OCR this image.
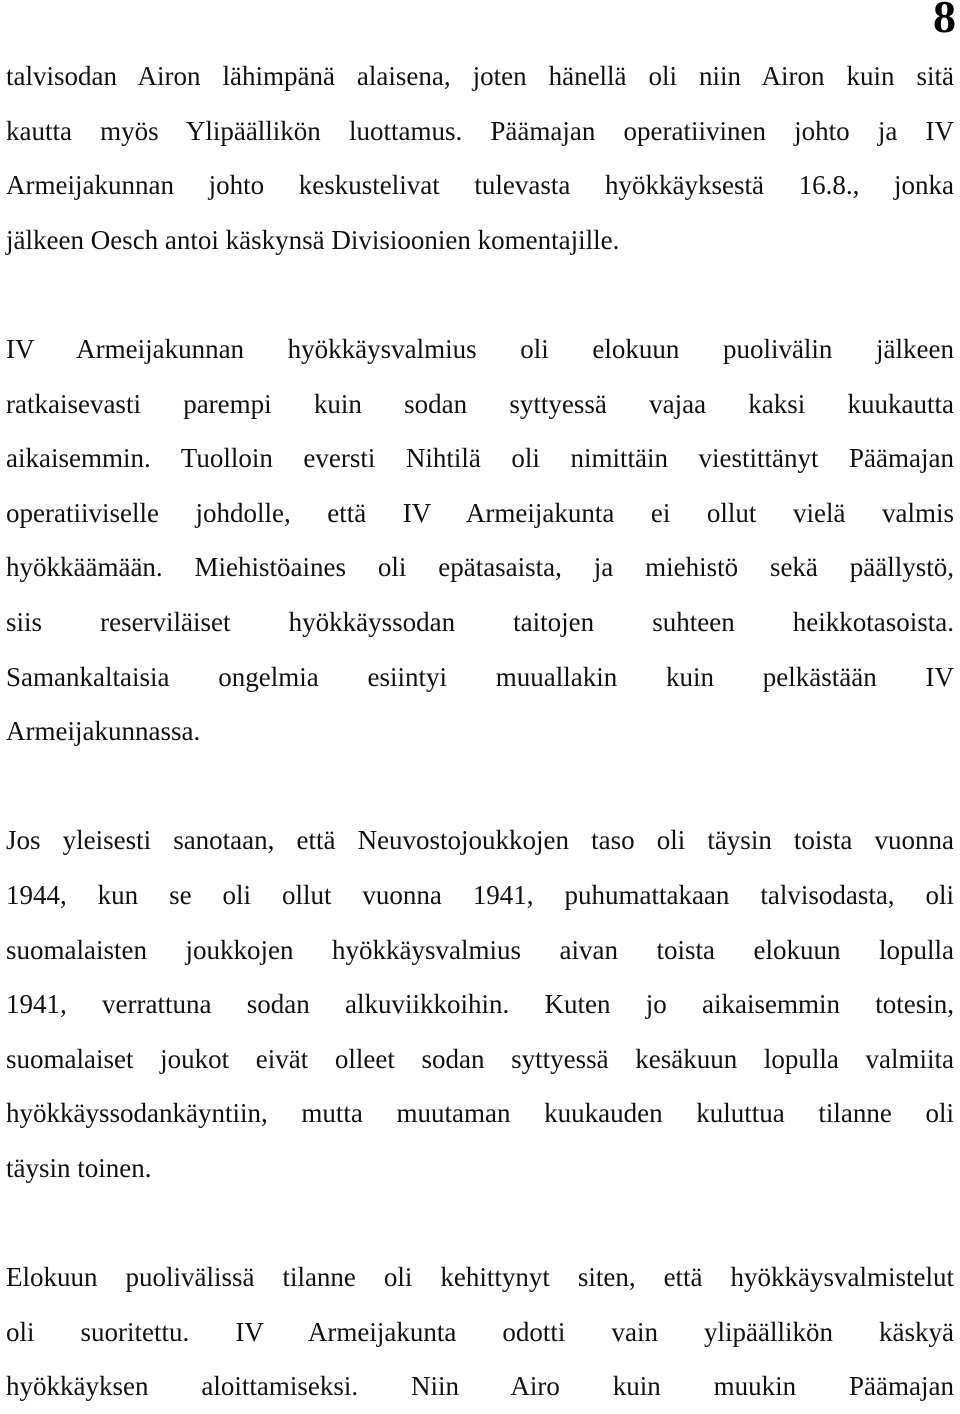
8

talvisodan Airon lähimpänä alaisena, joten hänellä oli niin Airon kuin sitä
kautta myös Ylipäällikön luottamus. Päämajan operatiivinen johto ja IV
Armeijakunnan johto keskustelivat tulevasta hyökkäyksestä 16.8., jonka
jälkeen Oesch antoi käskynsä Divisioonien komentajille.

IV Armeijakunnan hyökkäysvalmius oli elokuun puolivälin jälkeen
ratkaisevasti parempi kuin sodan syttyessä vajaa kaksi kuukautta
aikaisemmin. Tuolloin eversti Nihtilä oli nimittäin viestittänyt Päämajan
operatiiviselle johdolle, että IV Armeijakunta ei ollut vielä valmis
hyökkäämään. Miehistöaines oli epätasaista, ja miehistö sekä päällystö,
siis reserviläiset hyökkäyssodan taitojen suhteen heikkotasoista.
Samankaltaisia ongelmia esiintyi muuallakin kuin pelkästään IV
Armeijakunnassa.

Jos yleisesti sanotaan, että Neuvostojoukkojen taso oli täysin toista vuonna
1944, kun se oli ollut vuonna 1941, puhumattakaan talvisodasta, oli
suomalaisten joukkojen hyökkäysvalmius aivan toista elokuun lopulla
1941, verrattuna sodan alkuviikkoihin. Kuten jo aikaisemmin totesin,
suomalaiset joukot eivät olleet sodan syttyessä kesäkuun lopulla valmiita
hyökkäyssodankäyntiin, mutta muutaman kuukauden kuluttua tilanne oli
täysin toinen.

Elokuun puolivälissä tilanne oli kehittynyt siten, että hyökkäysvalmistelut
oli suoritettu. IV Armeijakunta odotti vain ylipäällikön käskyä
hyökkäyksen aloittamiseksi. Niin Airo kuin muukin Päämajan
